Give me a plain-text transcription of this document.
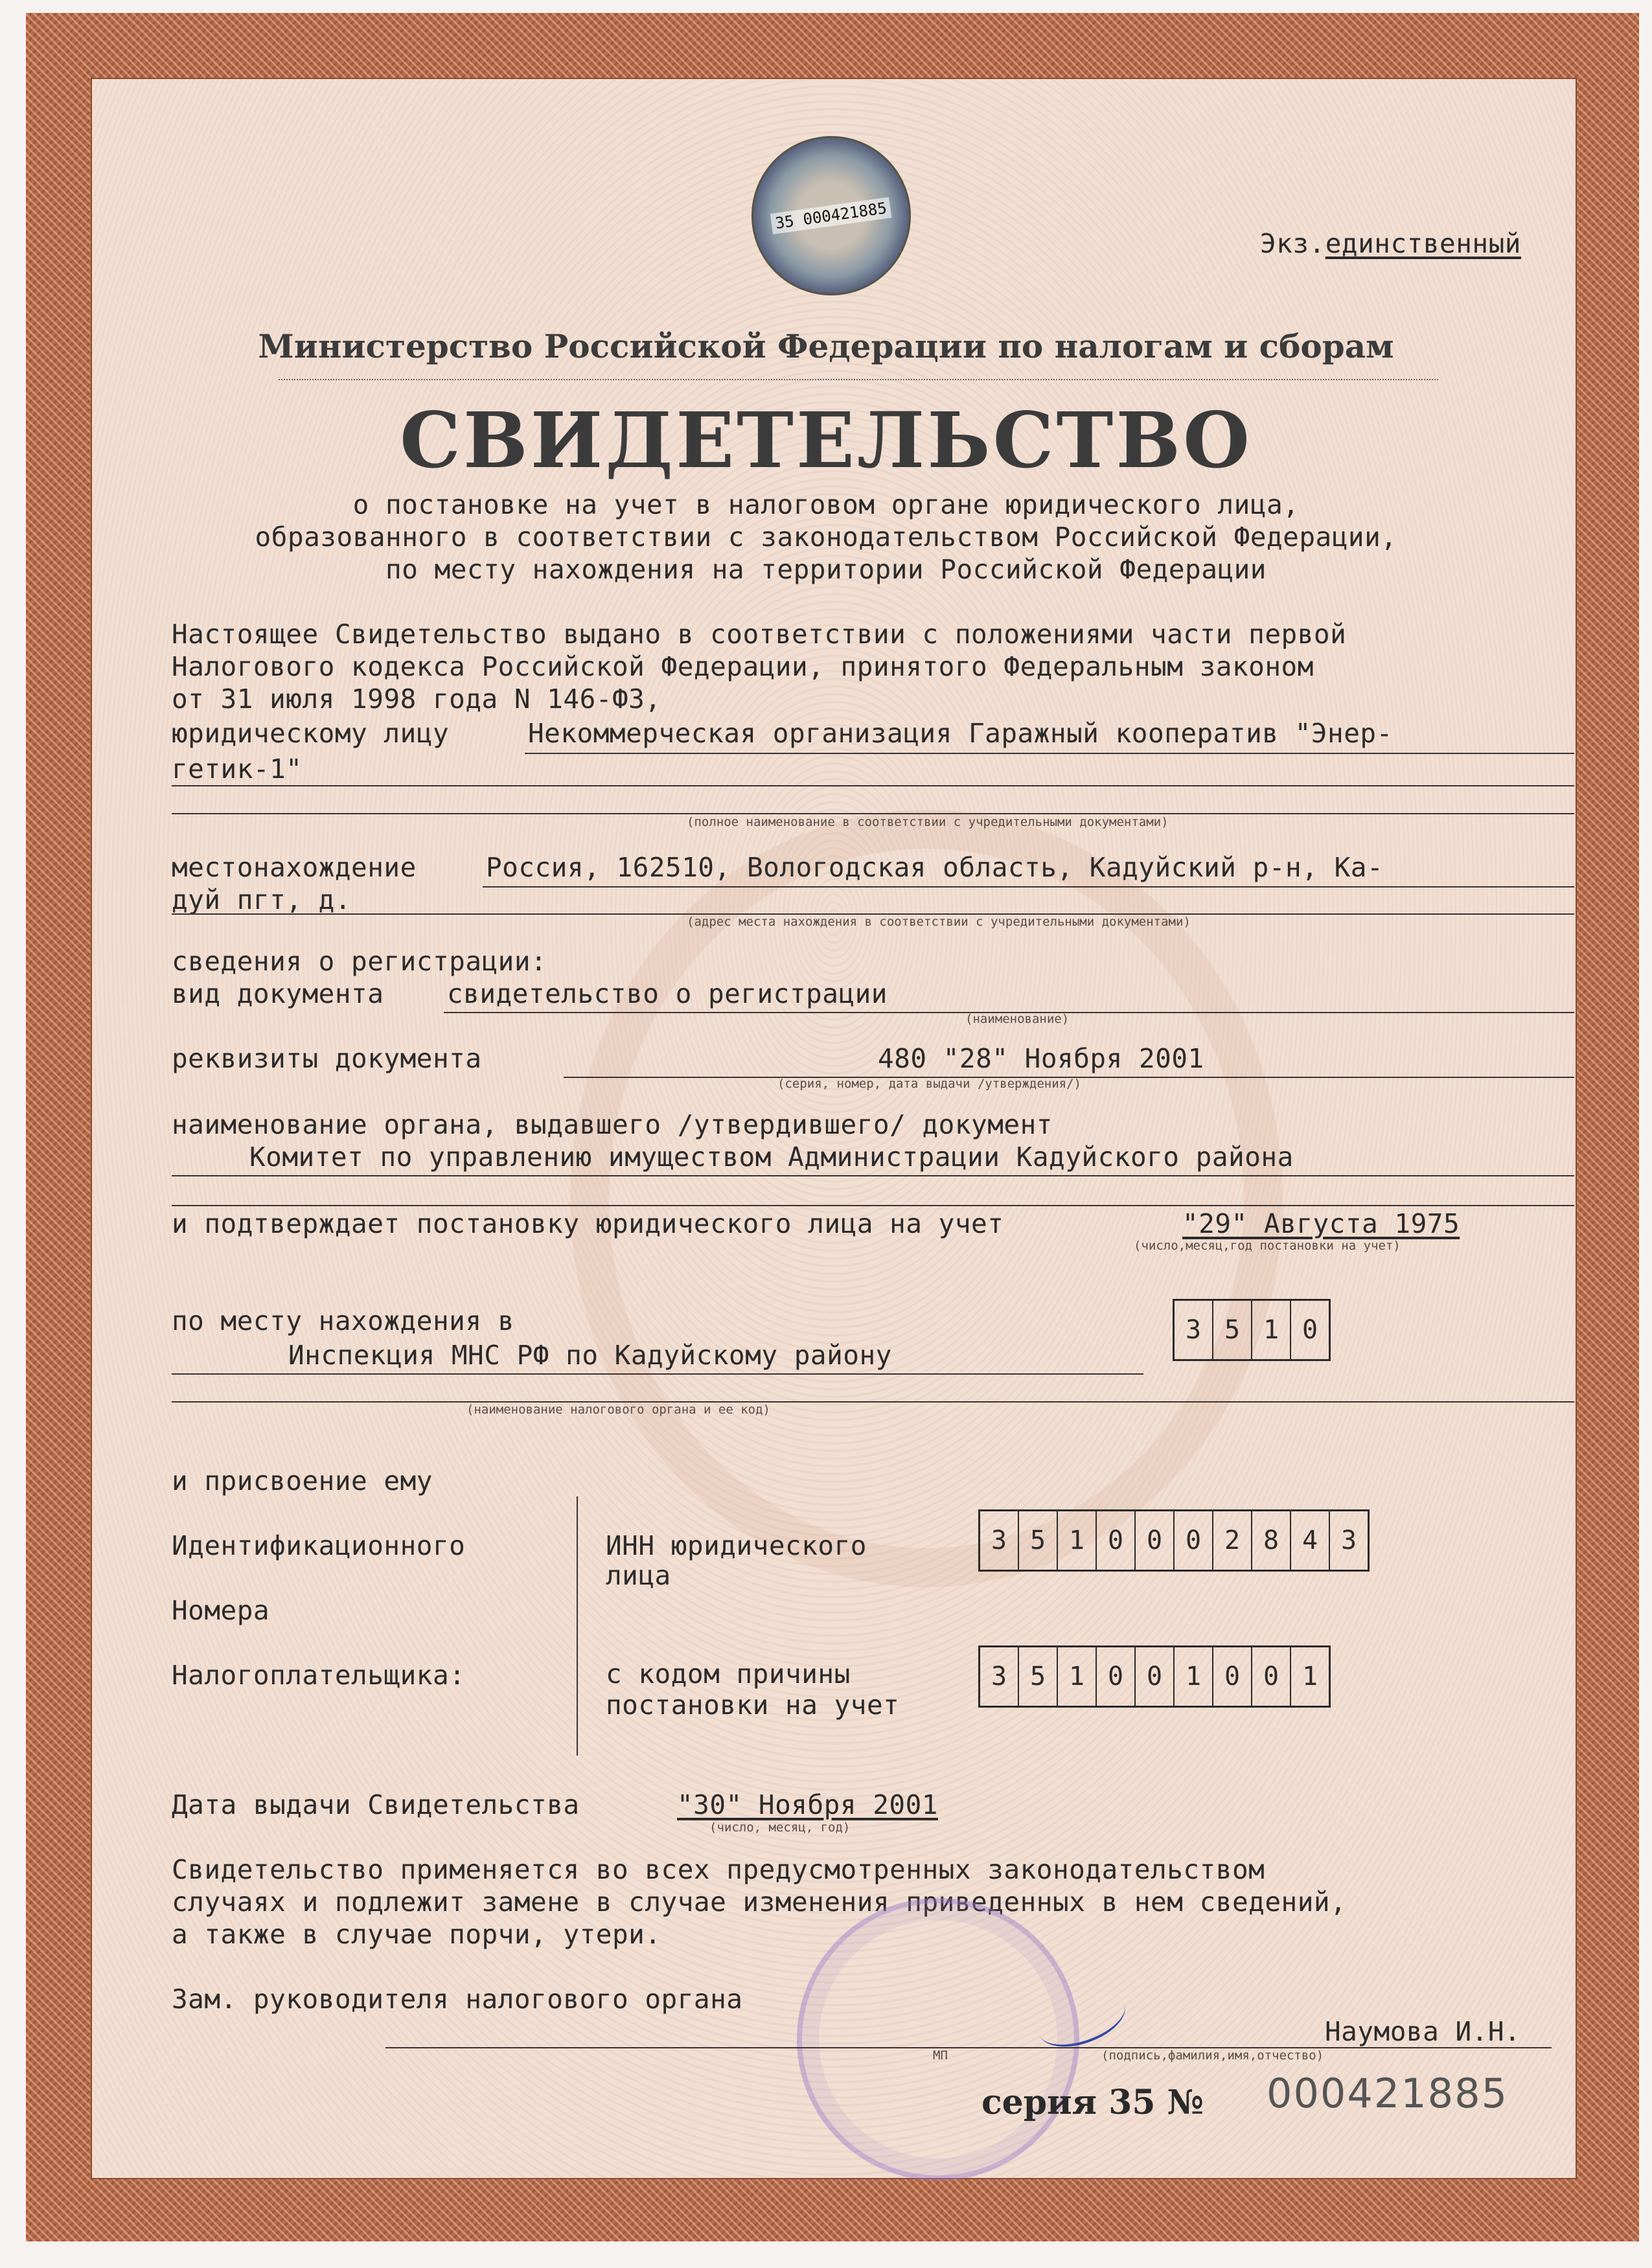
35 000421885
Экз.единственный
Министерство Российской Федерации по налогам и сборам
СВИДЕТЕЛЬСТВО
о постановке на учет в налоговом органе юридического лица,
образованного в соответствии с законодательством Российской Федерации,
по месту нахождения на территории Российской Федерации
Настоящее Свидетельство выдано в соответствии с положениями части первой
Налогового кодекса Российской Федерации, принятого Федеральным законом
от 31 июля 1998 года N 146-ФЗ,
юридическому лицу	Некоммерческая организация Гаражный кооператив "Энер-
гетик-1"
(полное наименование в соответствии с учредительными документами)
местонахождение	Россия, 162510, Вологодская область, Кадуйский р-н, Ка-
дуй пгт, д.
(адрес места нахождения в соответствии с учредительными документами)
сведения о регистрации:
вид документа свидетельство о регистрации
(наименование)
реквизиты документа	480 "28" Ноября 2001
(серия, номер, дата выдачи /утверждения/)
наименование органа, выдавшего /утвердившего/ документ
Комитет по управлению имуществом Администрации Кадуйского района
и подтверждает постановку юридического лица на учет	"29" Августа 1975
(число,месяц,год постановки на учет)
по месту нахождения в
Инспекция МНС РФ по Кадуйскому району
3 5 1 0
(наименование налогового органа и ее код)
и присвоение ему
Идентификационного
Номера
Налогоплательщика:
ИНН юридического
лица
3 5 1 0 0 0 2 8 4 3
с кодом причины
постановки на учет
3 5 1 0 0 1 0 0 1
Дата выдачи Свидетельства	"30" Ноября 2001
(число, месяц, год)
Свидетельство применяется во всех предусмотренных законодательством
случаях и подлежит замене в случае изменения приведенных в нем сведений,
а также в случае порчи, утери.
Зам. руководителя налогового органа
Наумова И.Н.
МП	(подпись,фамилия,имя,отчество)
серия 35 № 000421885
